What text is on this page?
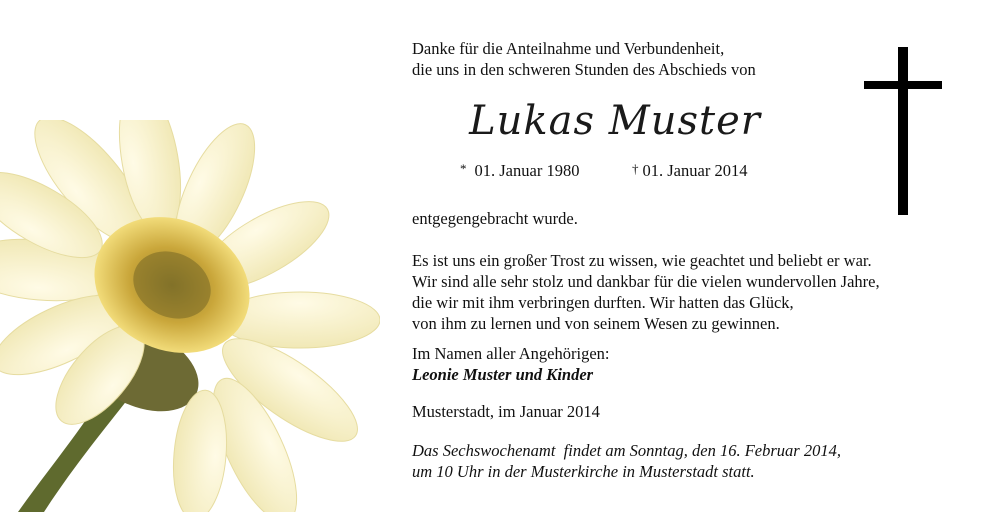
Danke für die Anteilnahme und Verbundenheit,
die uns in den schweren Stunden des Abschieds von

Lukas Muster
* 01. Januar 1980	† 01. Januar 2014

entgegengebracht wurde.

Es ist uns ein großer Trost zu wissen, wie geachtet und beliebt er war.
Wir sind alle sehr stolz und dankbar für die vielen wundervollen Jahre,
die wir mit ihm verbringen durften. Wir hatten das Glück,
von ihm zu lernen und von seinem Wesen zu gewinnen.

Im Namen aller Angehörigen:
Leonie Muster und Kinder

Musterstadt, im Januar 2014

Das Sechswochenamt  findet am Sonntag, den 16. Februar 2014,
um 10 Uhr in der Musterkirche in Musterstadt statt.
